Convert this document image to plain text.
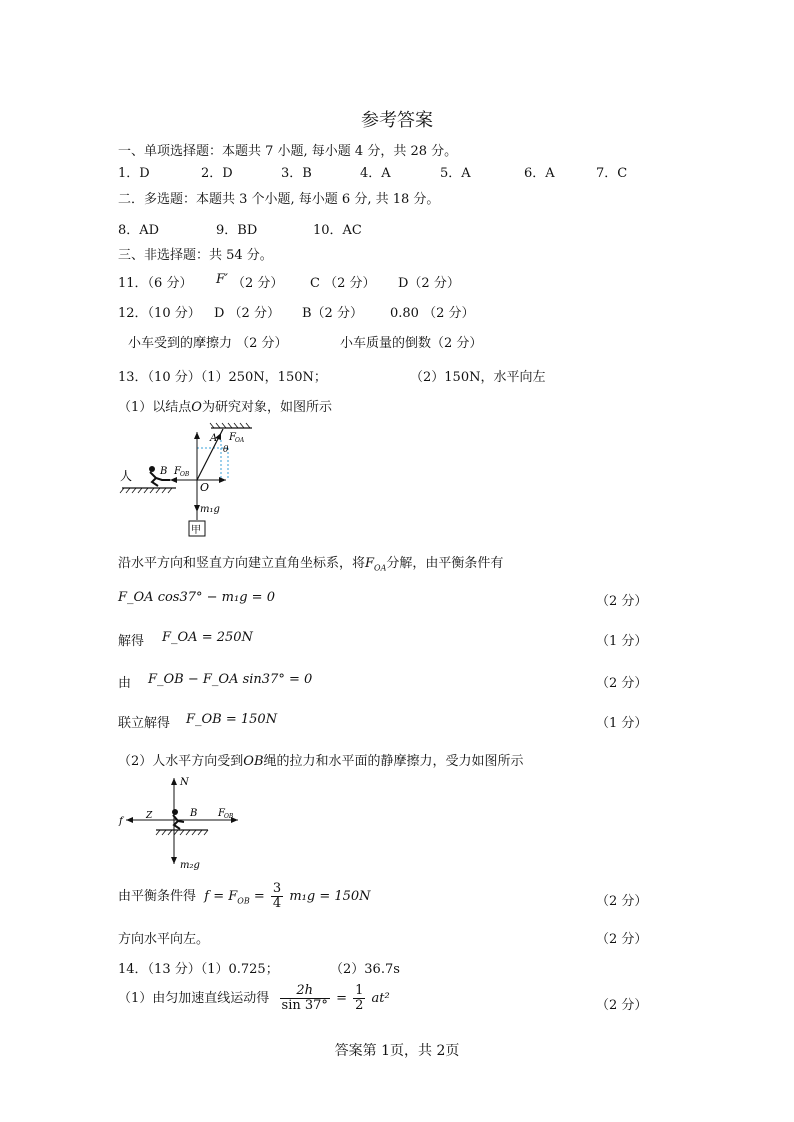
参考答案
一、单项选择题：本题共 7 小题, 每小题 4 分，共 28 分。
1．D	2．D	3．B	4．A	5．A	6．A	7．C
二．多选题：本题共 3 个小题, 每小题 6 分, 共 18 分。
8．AD	9．BD	10．AC
三、非选择题：共 54 分。
11．（6 分） F′ （2 分） C （2 分） D（2 分）
12．（10 分） D （2 分） B（2 分） 0.80 （2 分）
小车受到的摩擦力 （2 分）	小车质量的倒数（2 分）
13．（10 分）（1）250N，150N；	（2）150N，水平向左
（1）以结点O为研究对象，如图所示
人	B F OB
A
θ
F OA
O
m₁g
甲
沿水平方向和竖直方向建立直角坐标系，将$F_{OA}$分解，由平衡条件有
F_OA cos37° − m₁g = 0	（2 分）
解得 F_OA = 250N	（1 分）
由 F_OB − F_OA sin37° = 0	（2 分）
联立解得 F_OB = 150N	（1 分）
（2）人水平方向受到OB绳的拉力和水平面的静摩擦力，受力如图所示
N
f	Z	B F OB
m₂g
由平衡条件得 $f = F_{OB} = \frac{3}{4} m_1g = 150N$	（2 分）
方向水平向左。	（2 分）
14．（13 分）（1）0.725；	（2）36.7s
（1）由匀加速直线运动得 $\frac{2h}{\sin 37^\circ} = \frac{1}{2} at^2$	（2 分）
答案第 1页，共 2页
